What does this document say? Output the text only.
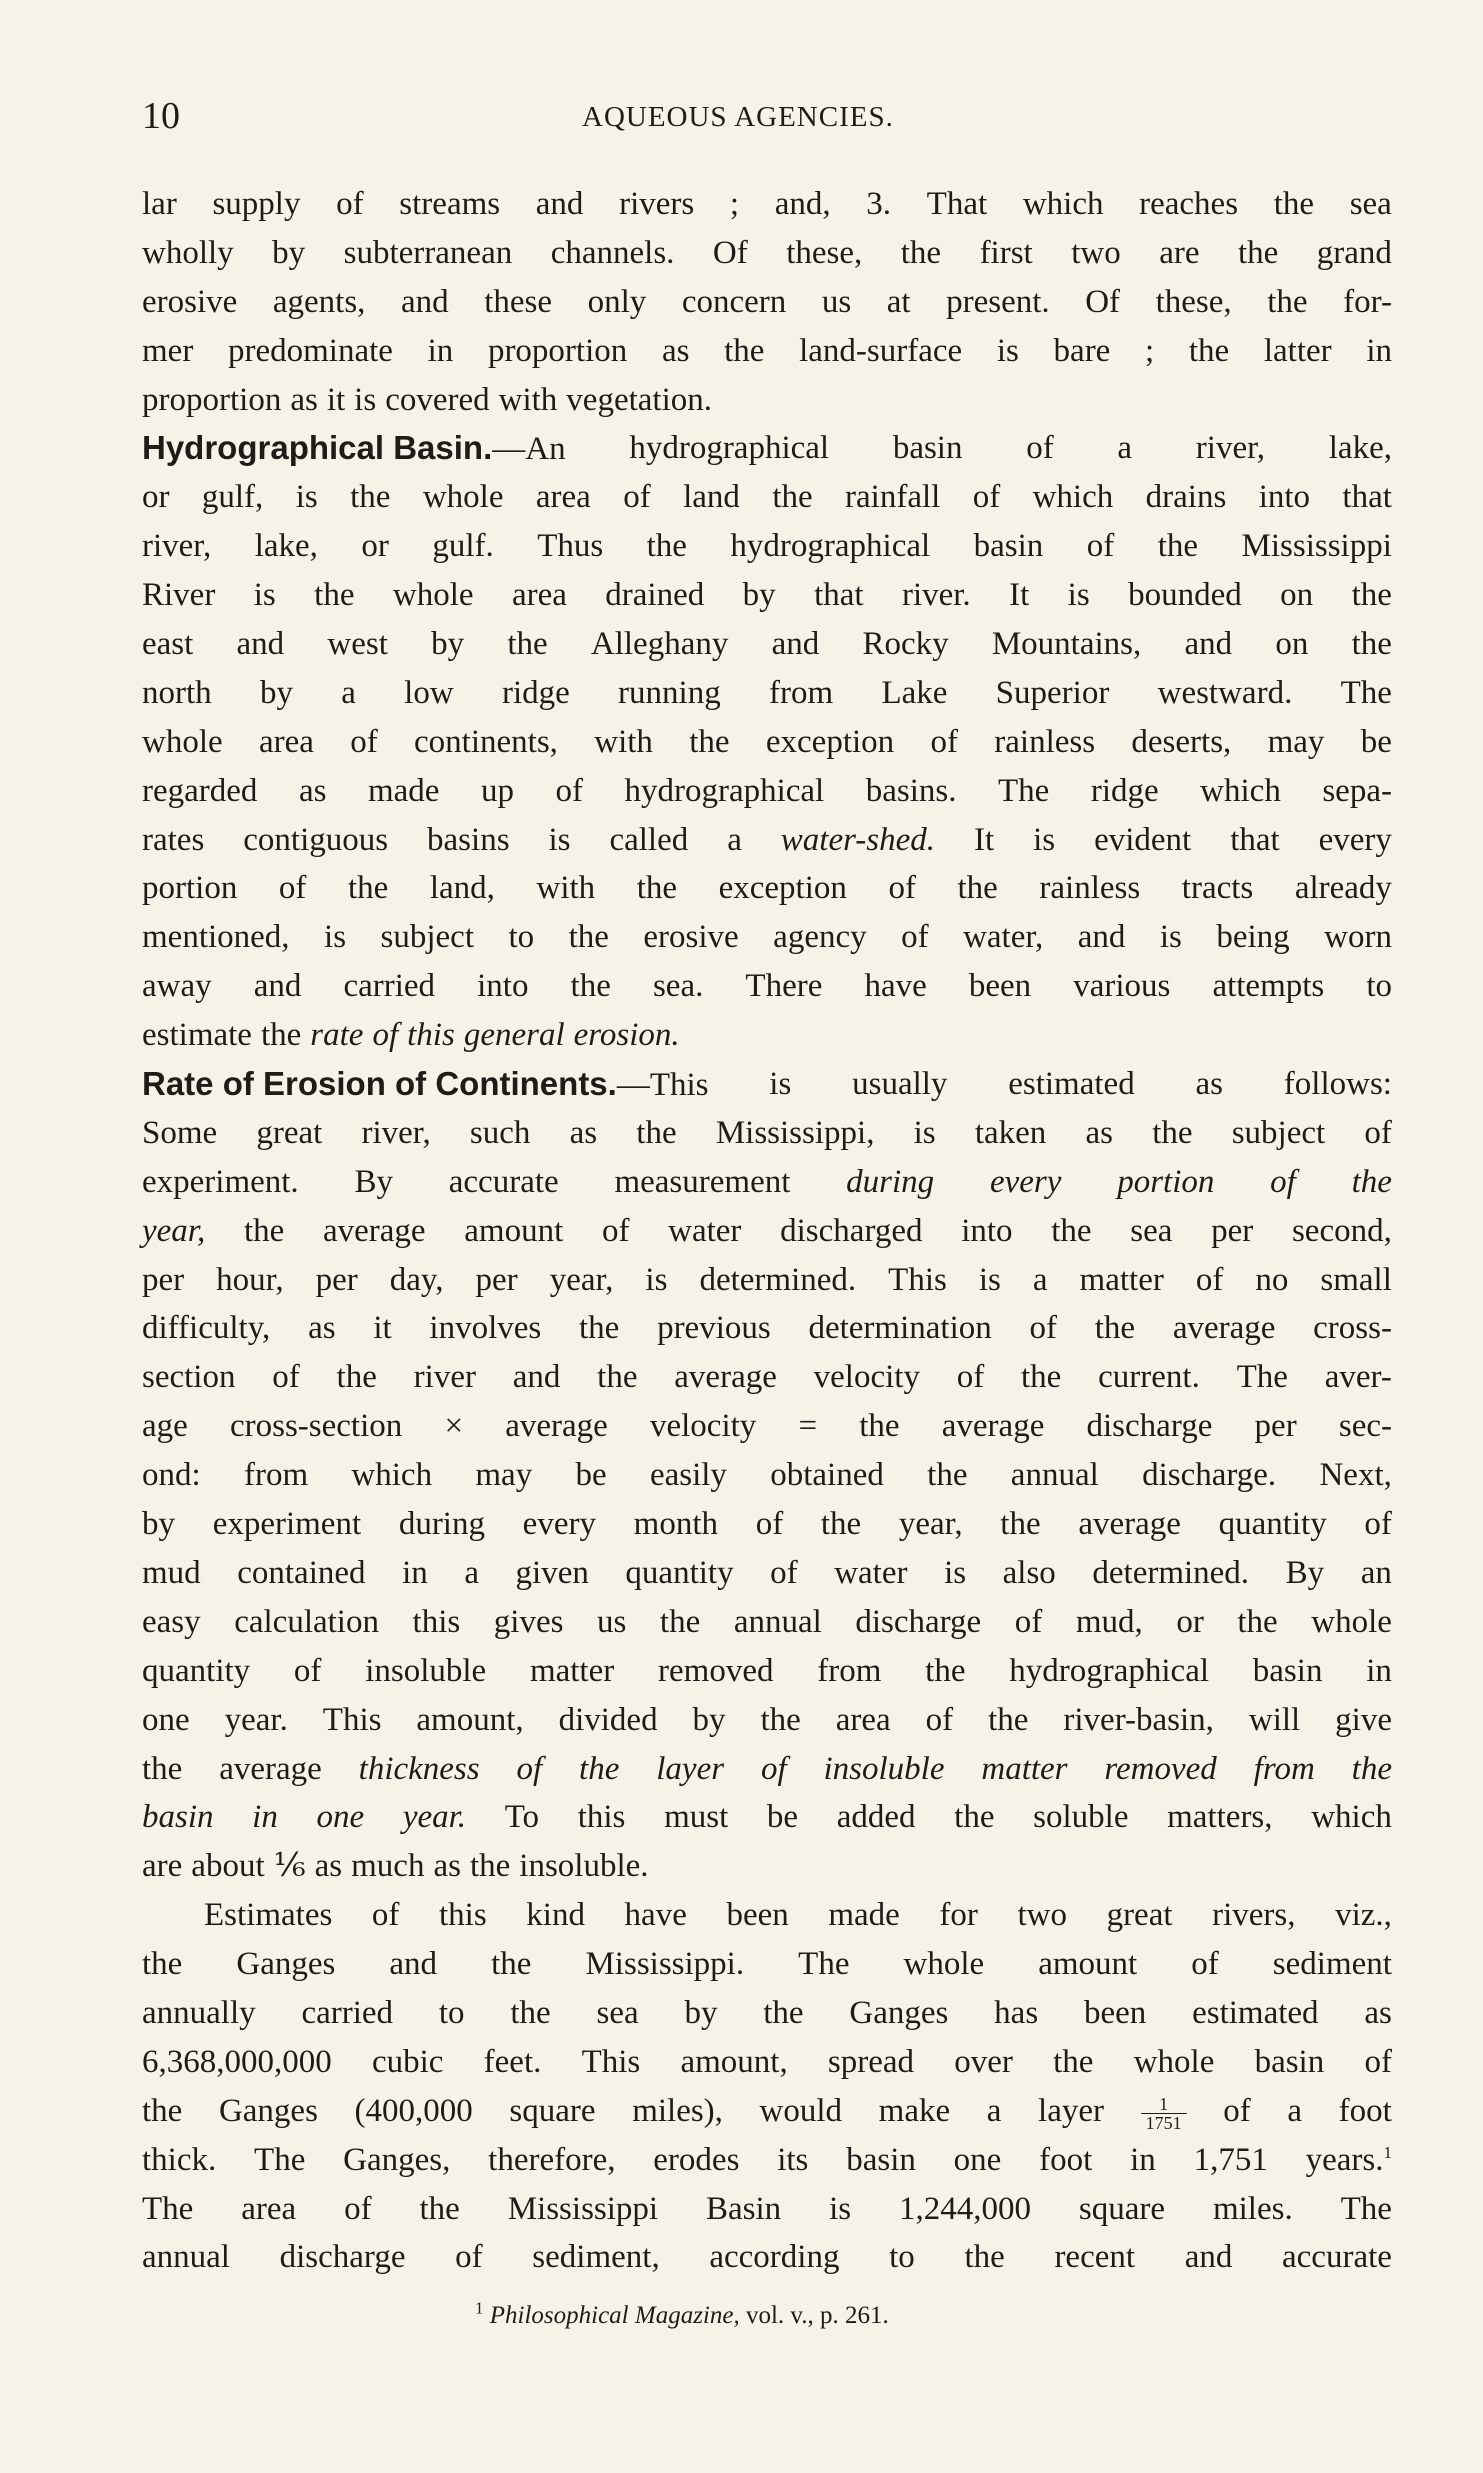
10	AQUEOUS AGENCIES.
lar supply of streams and rivers ; and, 3. That which reaches the sea
wholly by subterranean channels. Of these, the first two are the grand
erosive agents, and these only concern us at present. Of these, the for-
mer predominate in proportion as the land-surface is bare ; the latter in
proportion as it is covered with vegetation.
Hydrographical Basin.—An hydrographical basin of a river, lake,
or gulf, is the whole area of land the rainfall of which drains into that
river, lake, or gulf. Thus the hydrographical basin of the Mississippi
River is the whole area drained by that river. It is bounded on the
east and west by the Alleghany and Rocky Mountains, and on the
north by a low ridge running from Lake Superior westward. The
whole area of continents, with the exception of rainless deserts, may be
regarded as made up of hydrographical basins. The ridge which sepa-
rates contiguous basins is called a water-shed. It is evident that every
portion of the land, with the exception of the rainless tracts already
mentioned, is subject to the erosive agency of water, and is being worn
away and carried into the sea. There have been various attempts to
estimate the rate of this general erosion.
Rate of Erosion of Continents.—This is usually estimated as follows:
Some great river, such as the Mississippi, is taken as the subject of
experiment. By accurate measurement during every portion of the
year, the average amount of water discharged into the sea per second,
per hour, per day, per year, is determined. This is a matter of no small
difficulty, as it involves the previous determination of the average cross-
section of the river and the average velocity of the current. The aver-
age cross-section × average velocity = the average discharge per sec-
ond: from which may be easily obtained the annual discharge. Next,
by experiment during every month of the year, the average quantity of
mud contained in a given quantity of water is also determined. By an
easy calculation this gives us the annual discharge of mud, or the whole
quantity of insoluble matter removed from the hydrographical basin in
one year. This amount, divided by the area of the river-basin, will give
the average thickness of the layer of insoluble matter removed from the
basin in one year. To this must be added the soluble matters, which
are about ⅙ as much as the insoluble.
Estimates of this kind have been made for two great rivers, viz.,
the Ganges and the Mississippi. The whole amount of sediment
annually carried to the sea by the Ganges has been estimated as
6,368,000,000 cubic feet. This amount, spread over the whole basin of
the Ganges (400,000 square miles), would make a layer $\frac{1}{1751}$ of a foot
thick. The Ganges, therefore, erodes its basin one foot in 1,751 years.$^1$
The area of the Mississippi Basin is 1,244,000 square miles. The
annual discharge of sediment, according to the recent and accurate
$^1$ Philosophical Magazine, vol. v., p. 261.
